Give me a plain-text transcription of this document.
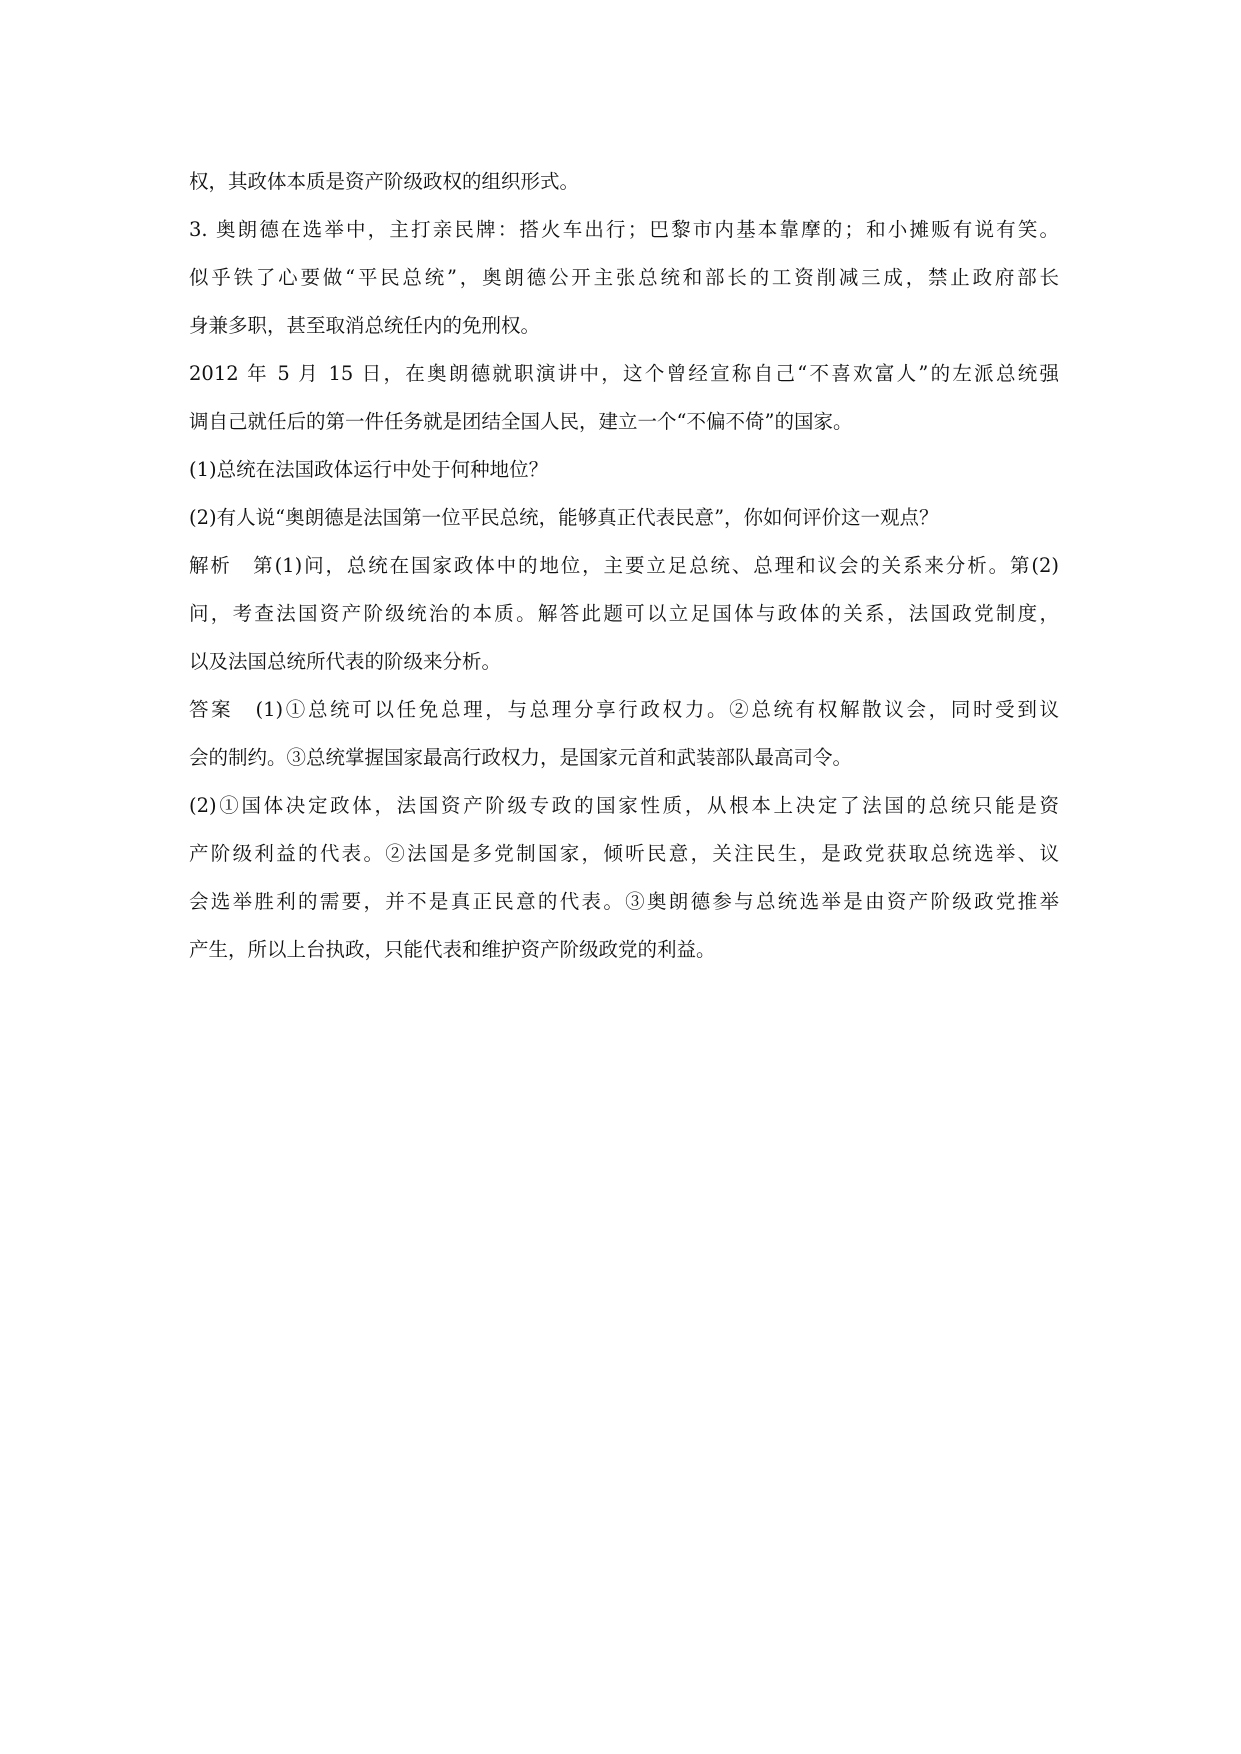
权，其政体本质是资产阶级政权的组织形式。
3. 奥朗德在选举中，主打亲民牌：搭火车出行；巴黎市内基本靠摩的；和小摊贩有说有笑。
似乎铁了心要做“平民总统”，奥朗德公开主张总统和部长的工资削减三成，禁止政府部长
身兼多职，甚至取消总统任内的免刑权。
2012 年 5 月 15 日，在奥朗德就职演讲中，这个曾经宣称自己“不喜欢富人”的左派总统强
调自己就任后的第一件任务就是团结全国人民，建立一个“不偏不倚”的国家。
(1)总统在法国政体运行中处于何种地位？
(2)有人说“奥朗德是法国第一位平民总统，能够真正代表民意”，你如何评价这一观点？
解析　第(1)问，总统在国家政体中的地位，主要立足总统、总理和议会的关系来分析。第(2)
问，考查法国资产阶级统治的本质。解答此题可以立足国体与政体的关系，法国政党制度，
以及法国总统所代表的阶级来分析。
答案　(1)①总统可以任免总理，与总理分享行政权力。②总统有权解散议会，同时受到议
会的制约。③总统掌握国家最高行政权力，是国家元首和武装部队最高司令。
(2)①国体决定政体，法国资产阶级专政的国家性质，从根本上决定了法国的总统只能是资
产阶级利益的代表。②法国是多党制国家，倾听民意，关注民生，是政党获取总统选举、议
会选举胜利的需要，并不是真正民意的代表。③奥朗德参与总统选举是由资产阶级政党推举
产生，所以上台执政，只能代表和维护资产阶级政党的利益。
